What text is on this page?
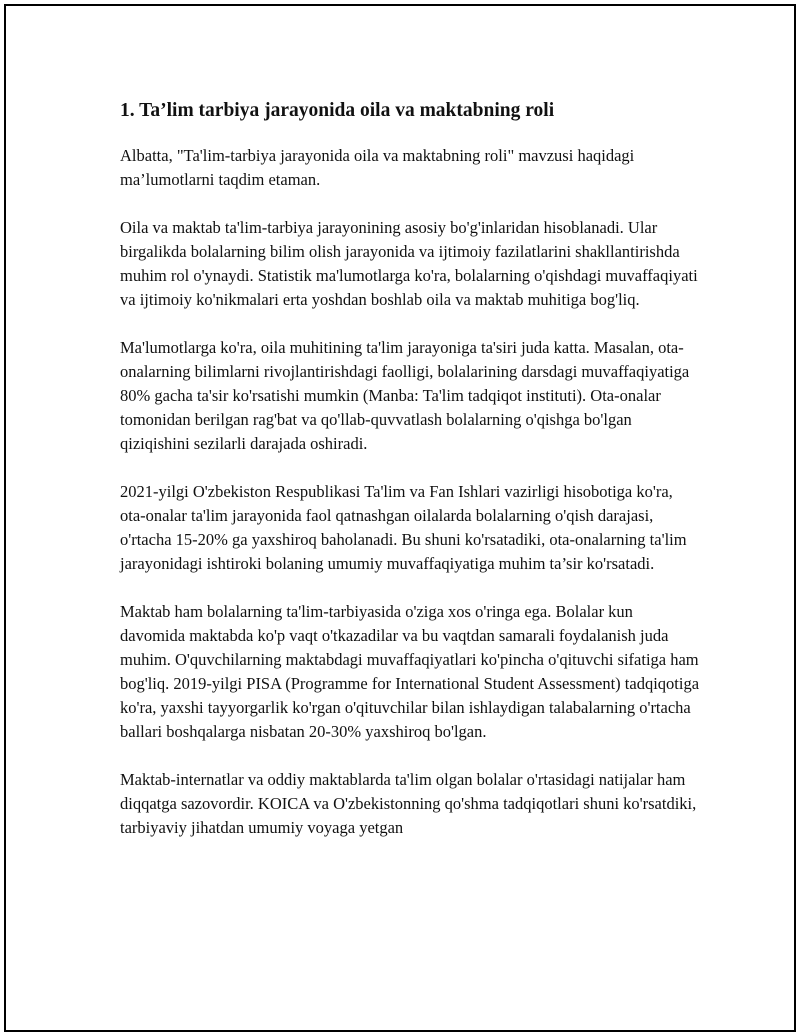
1. Ta’lim tarbiya jarayonida oila va maktabning roli

Albatta, "Ta'lim-tarbiya jarayonida oila va maktabning roli" mavzusi haqidagi ma’lumotlarni taqdim etaman.

Oila va maktab ta'lim-tarbiya jarayonining asosiy bo'g'inlaridan hisoblanadi. Ular birgalikda bolalarning bilim olish jarayonida va ijtimoiy fazilatlarini shakllantirishda muhim rol o'ynaydi. Statistik ma'lumotlarga ko'ra, bolalarning o'qishdagi muvaffaqiyati va ijtimoiy ko'nikmalari erta yoshdan boshlab oila va maktab muhitiga bog'liq.

Ma'lumotlarga ko'ra, oila muhitining ta'lim jarayoniga ta'siri juda katta. Masalan, ota-onalarning bilimlarni rivojlantirishdagi faolligi, bolalarining darsdagi muvaffaqiyatiga 80% gacha ta'sir ko'rsatishi mumkin (Manba: Ta'lim tadqiqot instituti). Ota-onalar tomonidan berilgan rag'bat va qo'llab-quvvatlash bolalarning o'qishga bo'lgan qiziqishini sezilarli darajada oshiradi.

2021-yilgi O'zbekiston Respublikasi Ta'lim va Fan Ishlari vazirligi hisobotiga ko'ra, ota-onalar ta'lim jarayonida faol qatnashgan oilalarda bolalarning o'qish darajasi, o'rtacha 15-20% ga yaxshiroq baholanadi. Bu shuni ko'rsatadiki, ota-onalarning ta'lim jarayonidagi ishtiroki bolaning umumiy muvaffaqiyatiga muhim ta’sir ko'rsatadi.

Maktab ham bolalarning ta'lim-tarbiyasida o'ziga xos o'ringa ega. Bolalar kun davomida maktabda ko'p vaqt o'tkazadilar va bu vaqtdan samarali foydalanish juda muhim. O'quvchilarning maktabdagi muvaffaqiyatlari ko'pincha o'qituvchi sifatiga ham bog'liq. 2019-yilgi PISA (Programme for International Student Assessment) tadqiqotiga ko'ra, yaxshi tayyorgarlik ko'rgan o'qituvchilar bilan ishlaydigan talabalarning o'rtacha ballari boshqalarga nisbatan 20-30% yaxshiroq bo'lgan.

Maktab-internatlar va oddiy maktablarda ta'lim olgan bolalar o'rtasidagi natijalar ham diqqatga sazovordir. KOICA va O'zbekistonning qo'shma tadqiqotlari shuni ko'rsatdiki, tarbiyaviy jihatdan umumiy voyaga yetgan
